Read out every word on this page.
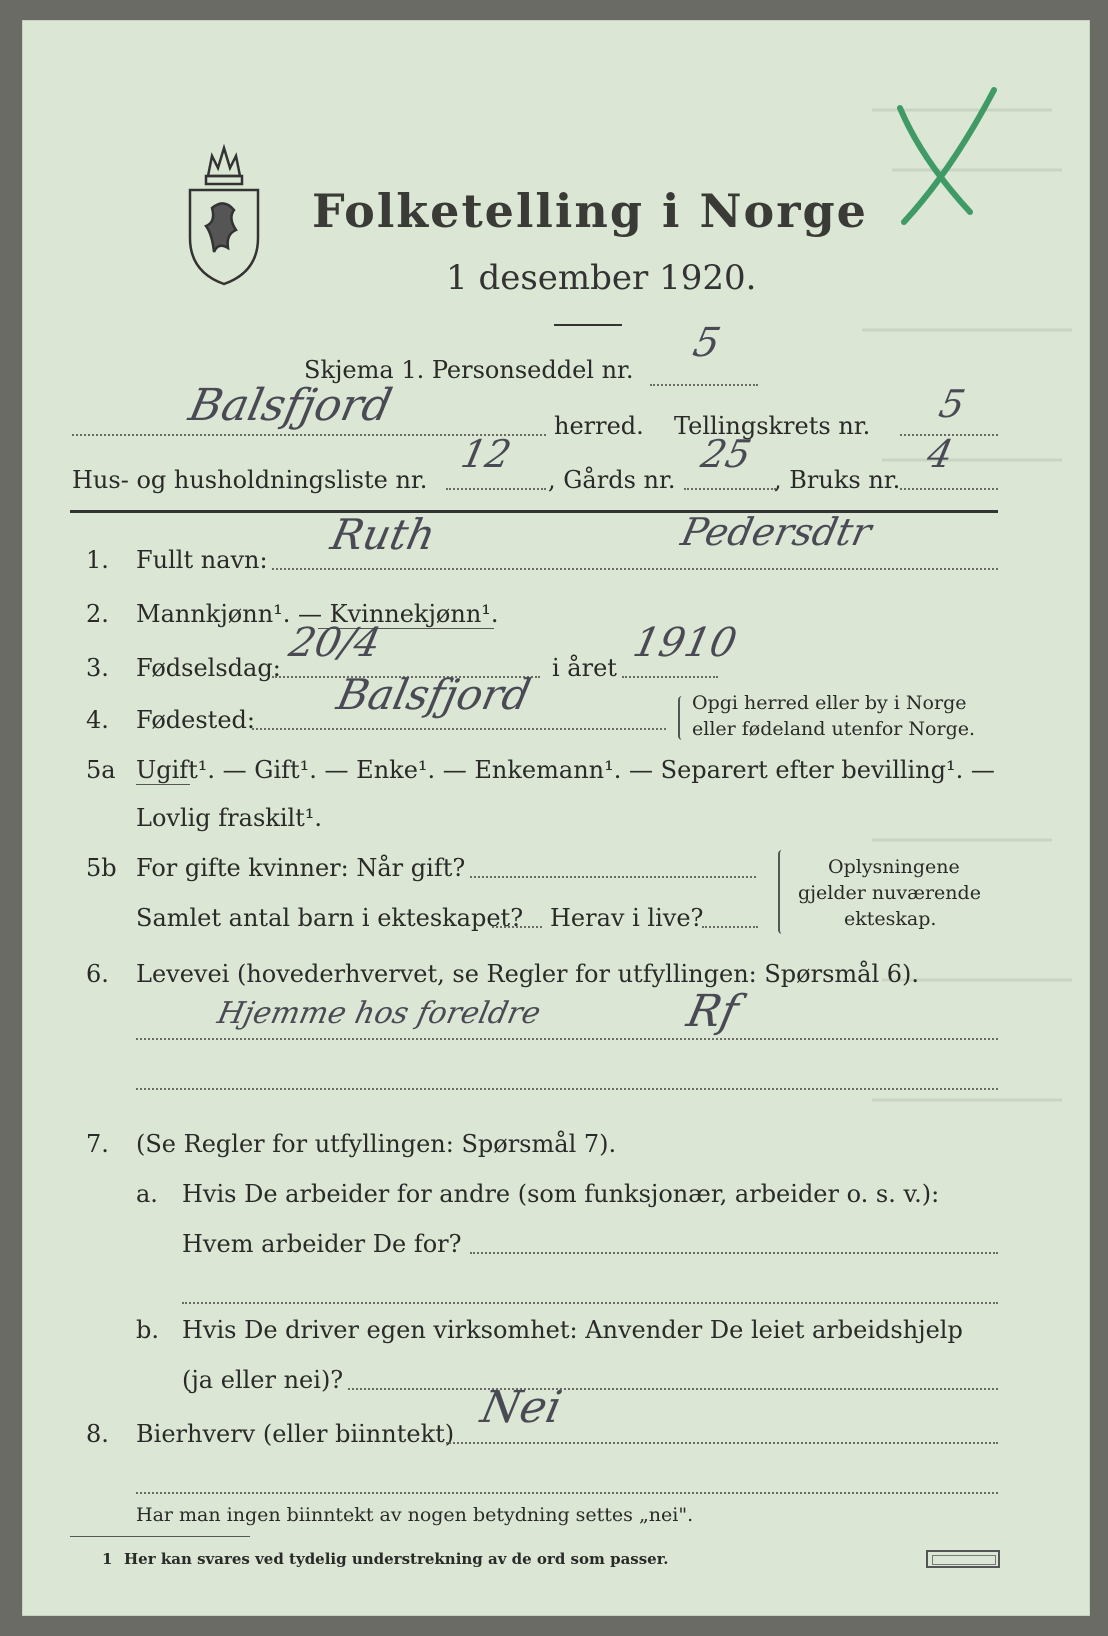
Folketelling i Norge
1 desember 1920.
Skjema 1. Personseddel nr.
5
Balsfjord	herred. Tellingskrets nr. 5
Hus- og husholdningsliste nr.
12
, Gårds nr.
25
, Bruks nr.
4
1. Fullt navn:
Ruth	Pedersdtr
2. Mannkjønn¹. — Kvinnekjønn¹.
3. Fødselsdag:
20/4
i året
1910
4. Fødested:
Balsfjord	Opgi herred eller by i Norge
eller fødeland utenfor Norge.
5a Ugift¹. — Gift¹. — Enke¹. — Enkemann¹. — Separert efter bevilling¹. —
Lovlig fraskilt¹.
5b For gifte kvinner: Når gift?
Samlet antal barn i ekteskapet? Herav i live?
Oplysningene
gjelder nuværende
ekteskap.
6. Levevei (hovederhvervet, se Regler for utfyllingen: Spørsmål 6).
Hjemme hos foreldre	Rf
7. (Se Regler for utfyllingen: Spørsmål 7).
a. Hvis De arbeider for andre (som funksjonær, arbeider o. s. v.):
Hvem arbeider De for?
b. Hvis De driver egen virksomhet: Anvender De leiet arbeidshjelp
(ja eller nei)?
8. Bierhverv (eller biinntekt)
Nei
Har man ingen biinntekt av nogen betydning settes „nei".
1 Her kan svares ved tydelig understrekning av de ord som passer.
